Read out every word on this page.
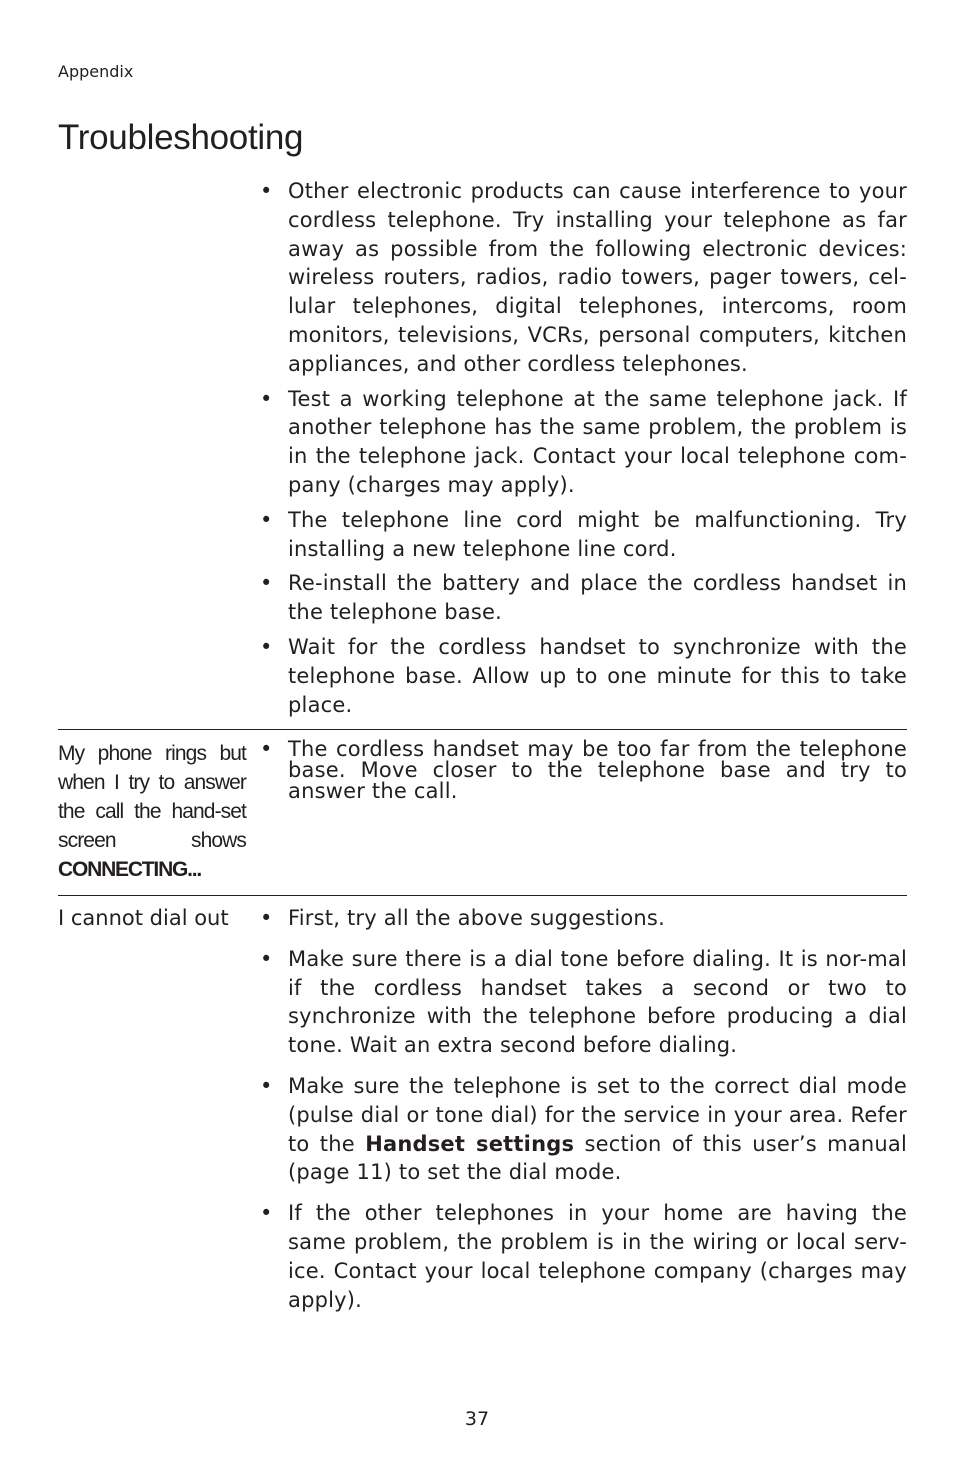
Appendix
Troubleshooting
• Other electronic products can cause interference to your cordless telephone. Try installing your telephone as far away as possible from the following electronic devices: wireless routers, radios, radio towers, pager towers, cel-lular telephones, digital telephones, intercoms, room monitors, televisions, VCRs, personal computers, kitchen appliances, and other cordless telephones.
• Test a working telephone at the same telephone jack. If another telephone has the same problem, the problem is in the telephone jack. Contact your local telephone com-pany (charges may apply).
• The telephone line cord might be malfunctioning. Try installing a new telephone line cord.
• Re-install the battery and place the cordless handset in the telephone base.
• Wait for the cordless handset to synchronize with the telephone base. Allow up to one minute for this to take place.
My phone rings but when I try to answer the call the hand-set screen shows CONNECTING...
• The cordless handset may be too far from the telephone base. Move closer to the telephone base and try to answer the call.
I cannot dial out	• First, try all the above suggestions.
• Make sure there is a dial tone before dialing. It is nor-mal if the cordless handset takes a second or two to synchronize with the telephone before producing a dial tone. Wait an extra second before dialing.
• Make sure the telephone is set to the correct dial mode (pulse dial or tone dial) for the service in your area. Refer to the Handset settings section of this user’s manual (page 11) to set the dial mode.
• If the other telephones in your home are having the same problem, the problem is in the wiring or local serv-ice. Contact your local telephone company (charges may apply).
37
